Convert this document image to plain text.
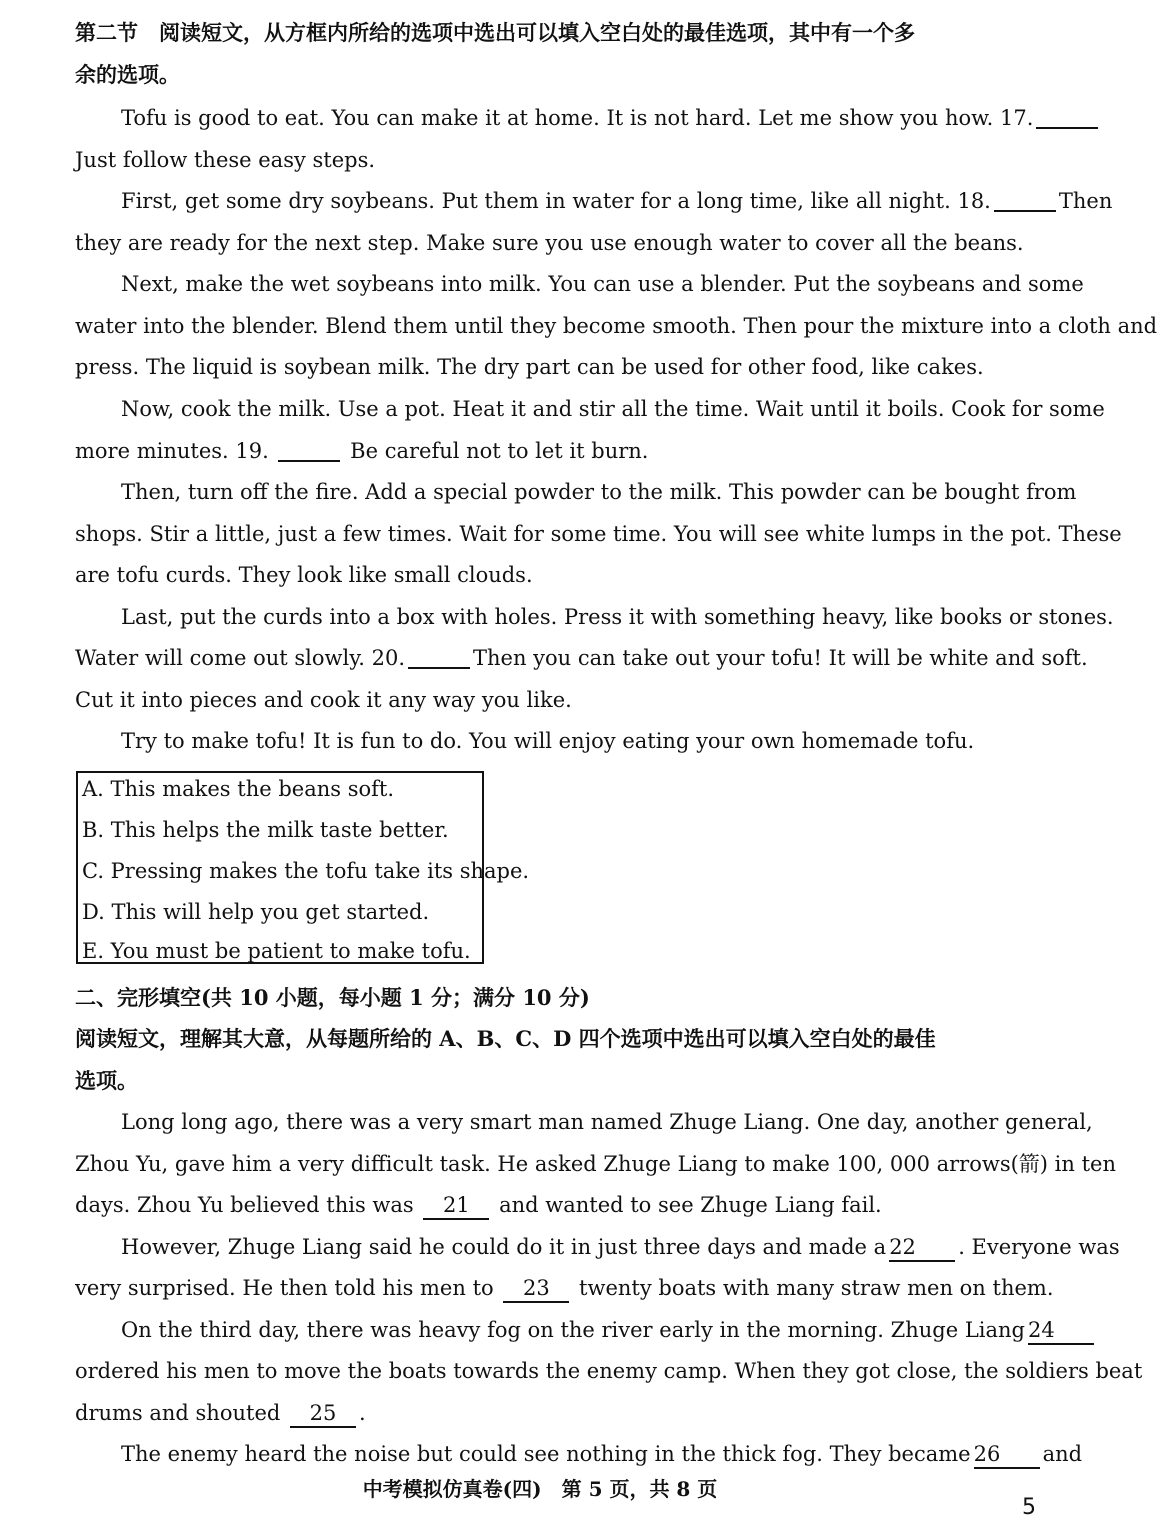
第二节　阅读短文，从方框内所给的选项中选出可以填入空白处的最佳选项，其中有一个多
余的选项。
Tofu is good to eat. You can make it at home. It is not hard. Let me show you how. 17.
Just follow these easy steps.
First, get some dry soybeans. Put them in water for a long time, like all night. 18.	Then
they are ready for the next step. Make sure you use enough water to cover all the beans.
Next, make the wet soybeans into milk. You can use a blender. Put the soybeans and some
water into the blender. Blend them until they become smooth. Then pour the mixture into a cloth and
press. The liquid is soybean milk. The dry part can be used for other food, like cakes.
Now, cook the milk. Use a pot. Heat it and stir all the time. Wait until it boils. Cook for some
more minutes. 19.	Be careful not to let it burn.
Then, turn off the fire. Add a special powder to the milk. This powder can be bought from
shops. Stir a little, just a few times. Wait for some time. You will see white lumps in the pot. These
are tofu curds. They look like small clouds.
Last, put the curds into a box with holes. Press it with something heavy, like books or stones.
Water will come out slowly. 20.	Then you can take out your tofu! It will be white and soft.
Cut it into pieces and cook it any way you like.
Try to make tofu! It is fun to do. You will enjoy eating your own homemade tofu.
A. This makes the beans soft.
B. This helps the milk taste better.
C. Pressing makes the tofu take its shape.
D. This will help you get started.
E. You must be patient to make tofu.
二、完形填空(共 10 小题，每小题 1 分；满分 10 分)
阅读短文，理解其大意，从每题所给的 A、B、C、D 四个选项中选出可以填入空白处的最佳
选项。
Long long ago, there was a very smart man named Zhuge Liang. One day, another general,
Zhou Yu, gave him a very difficult task. He asked Zhuge Liang to make 100, 000 arrows(箭) in ten
days. Zhou Yu believed this was 21 and wanted to see Zhuge Liang fail.
However, Zhuge Liang said he could do it in just three days and made a 22 . Everyone was
very surprised. He then told his men to 23 twenty boats with many straw men on them.
On the third day, there was heavy fog on the river early in the morning. Zhuge Liang 24
ordered his men to move the boats towards the enemy camp. When they got close, the soldiers beat
drums and shouted 25 .
The enemy heard the noise but could see nothing in the thick fog. They became 26 and
中考模拟仿真卷(四)　第 5 页，共 8 页
5
